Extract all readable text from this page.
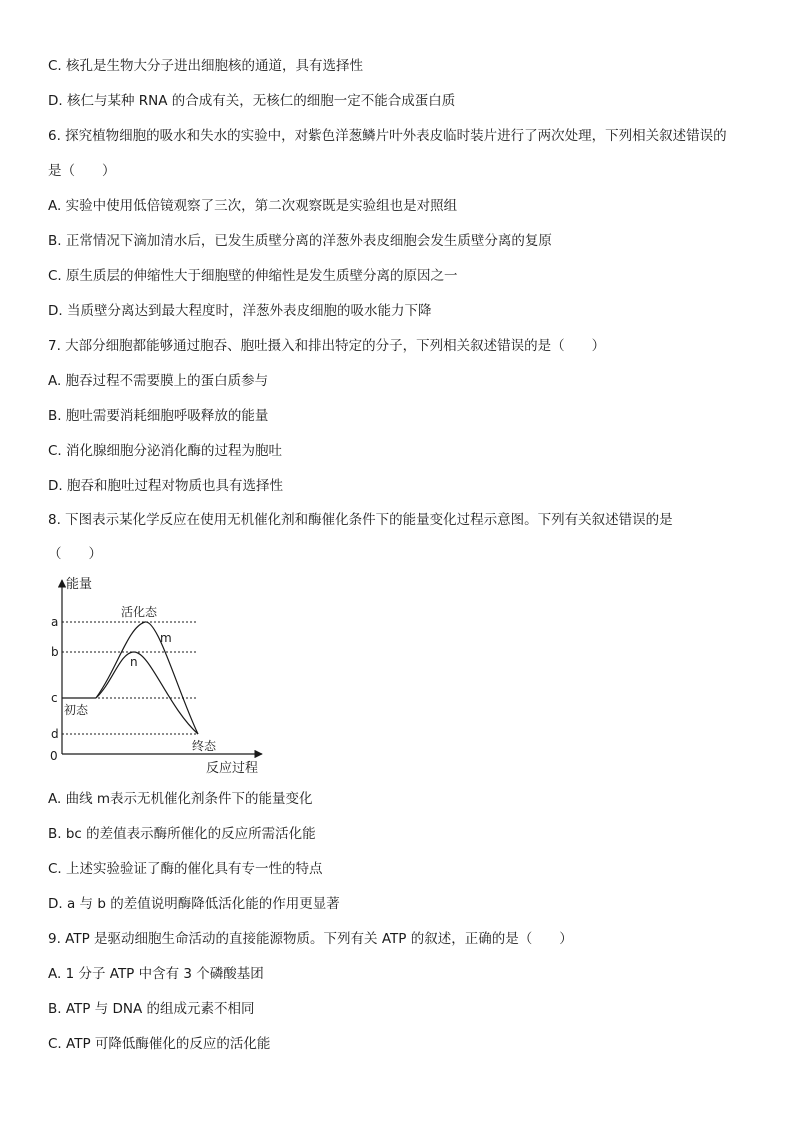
C. 核孔是生物大分子进出细胞核的通道，具有选择性
D. 核仁与某种 RNA 的合成有关，无核仁的细胞一定不能合成蛋白质
6. 探究植物细胞的吸水和失水的实验中，对紫色洋葱鳞片叶外表皮临时装片进行了两次处理，下列相关叙述错误的
是（　　）
A. 实验中使用低倍镜观察了三次，第二次观察既是实验组也是对照组
B. 正常情况下滴加清水后，已发生质壁分离的洋葱外表皮细胞会发生质壁分离的复原
C. 原生质层的伸缩性大于细胞壁的伸缩性是发生质壁分离的原因之一
D. 当质壁分离达到最大程度时，洋葱外表皮细胞的吸水能力下降
7. 大部分细胞都能够通过胞吞、胞吐摄入和排出特定的分子，下列相关叙述错误的是（　　）
A. 胞吞过程不需要膜上的蛋白质参与
B. 胞吐需要消耗细胞呼吸释放的能量
C. 消化腺细胞分泌消化酶的过程为胞吐
D. 胞吞和胞吐过程对物质也具有选择性
8. 下图表示某化学反应在使用无机催化剂和酶催化条件下的能量变化过程示意图。下列有关叙述错误的是
（　　）
能量
反应过程
0
a
b
c
d
活化态
m
n
初态
终态
A. 曲线 m表示无机催化剂条件下的能量变化
B. bc 的差值表示酶所催化的反应所需活化能
C. 上述实验验证了酶的催化具有专一性的特点
D. a 与 b 的差值说明酶降低活化能的作用更显著
9. ATP 是驱动细胞生命活动的直接能源物质。下列有关 ATP 的叙述，正确的是（　　）
A. 1 分子 ATP 中含有 3 个磷酸基团
B. ATP 与 DNA 的组成元素不相同
C. ATP 可降低酶催化的反应的活化能
